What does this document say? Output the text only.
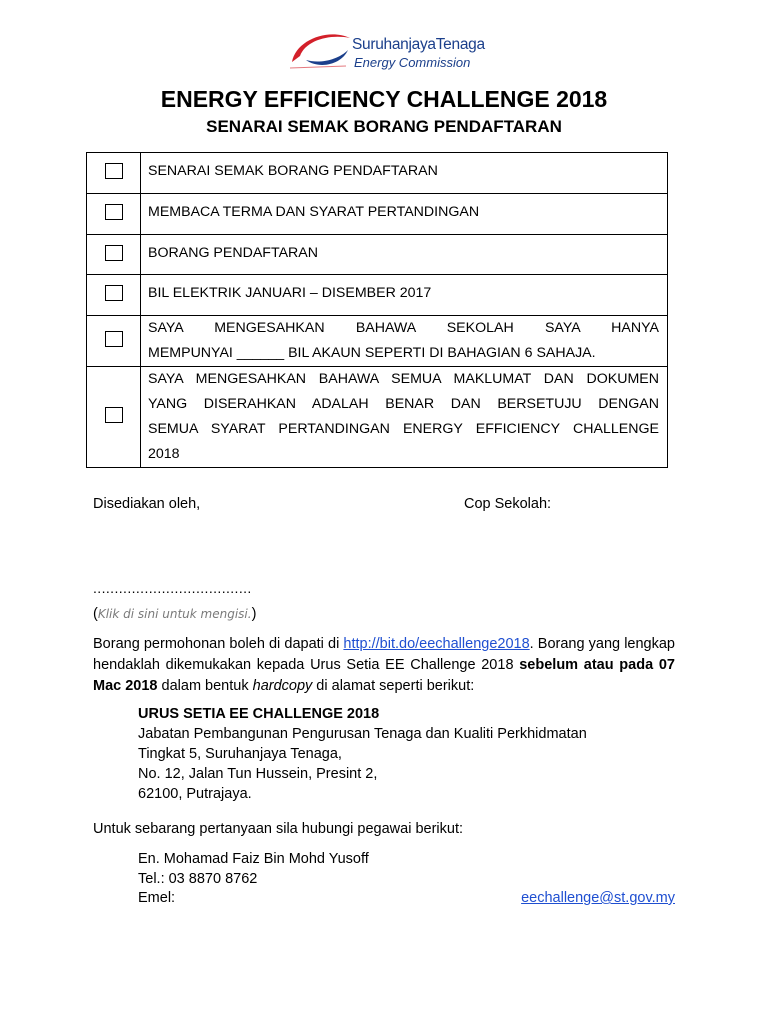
SuruhanjayaTenaga
Energy Commission
ENERGY EFFICIENCY CHALLENGE 2018
SENARAI SEMAK BORANG PENDAFTARAN
	SENARAI SEMAK BORANG PENDAFTARAN
	MEMBACA TERMA DAN SYARAT PERTANDINGAN
	BORANG PENDAFTARAN
	BIL ELEKTRIK JANUARI – DISEMBER 2017

	SAYA MENGESAHKAN BAHAWA SEKOLAH SAYA HANYA
MEMPUNYAI ______ BIL AKAUN SEPERTI DI BAHAGIAN 6 SAHAJA.

	SAYA MENGESAHKAN BAHAWA SEMUA MAKLUMAT DAN DOKUMEN
YANG DISERAHKAN ADALAH BENAR DAN BERSETUJU DENGAN
SEMUA SYARAT PERTANDINGAN ENERGY EFFICIENCY CHALLENGE
2018
Disediakan oleh,	Cop Sekolah:
.....................................
(Klik di sini untuk mengisi.)

Borang permohonan boleh di dapati di http://bit.do/eechallenge2018. Borang yang lengkap hendaklah dikemukakan kepada Urus Setia EE Challenge 2018 sebelum atau pada 07 Mac 2018 dalam bentuk hardcopy di alamat seperti berikut:

URUS SETIA EE CHALLENGE 2018
Jabatan Pembangunan Pengurusan Tenaga dan Kualiti Perkhidmatan
Tingkat 5, Suruhanjaya Tenaga,
No. 12, Jalan Tun Hussein, Presint 2,
62100, Putrajaya.
Untuk sebarang pertanyaan sila hubungi pegawai berikut:
En. Mohamad Faiz Bin Mohd Yusoff
Tel.: 03 8870 8762
Emel:	eechallenge@st.gov.my
